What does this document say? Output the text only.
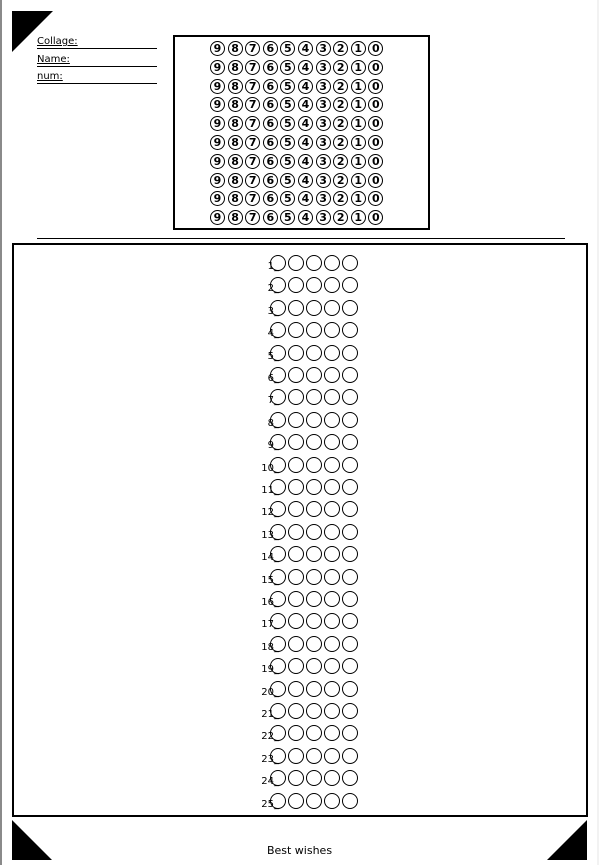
Collage:
Name:
num:
9 8 7 6 5 4 3 2 1 0
9 8 7 6 5 4 3 2 1 0
9 8 7 6 5 4 3 2 1 0
9 8 7 6 5 4 3 2 1 0
9 8 7 6 5 4 3 2 1 0
9 8 7 6 5 4 3 2 1 0
9 8 7 6 5 4 3 2 1 0
9 8 7 6 5 4 3 2 1 0
9 8 7 6 5 4 3 2 1 0
9 8 7 6 5 4 3 2 1 0
1_
2_
3_
4_
5_
6_
7_
8_
9_
10_
11_
12_
13_
14_
15_
16_
17_
18_
19_
20_
21_
22_
23_
24_
25_
Best wishes
